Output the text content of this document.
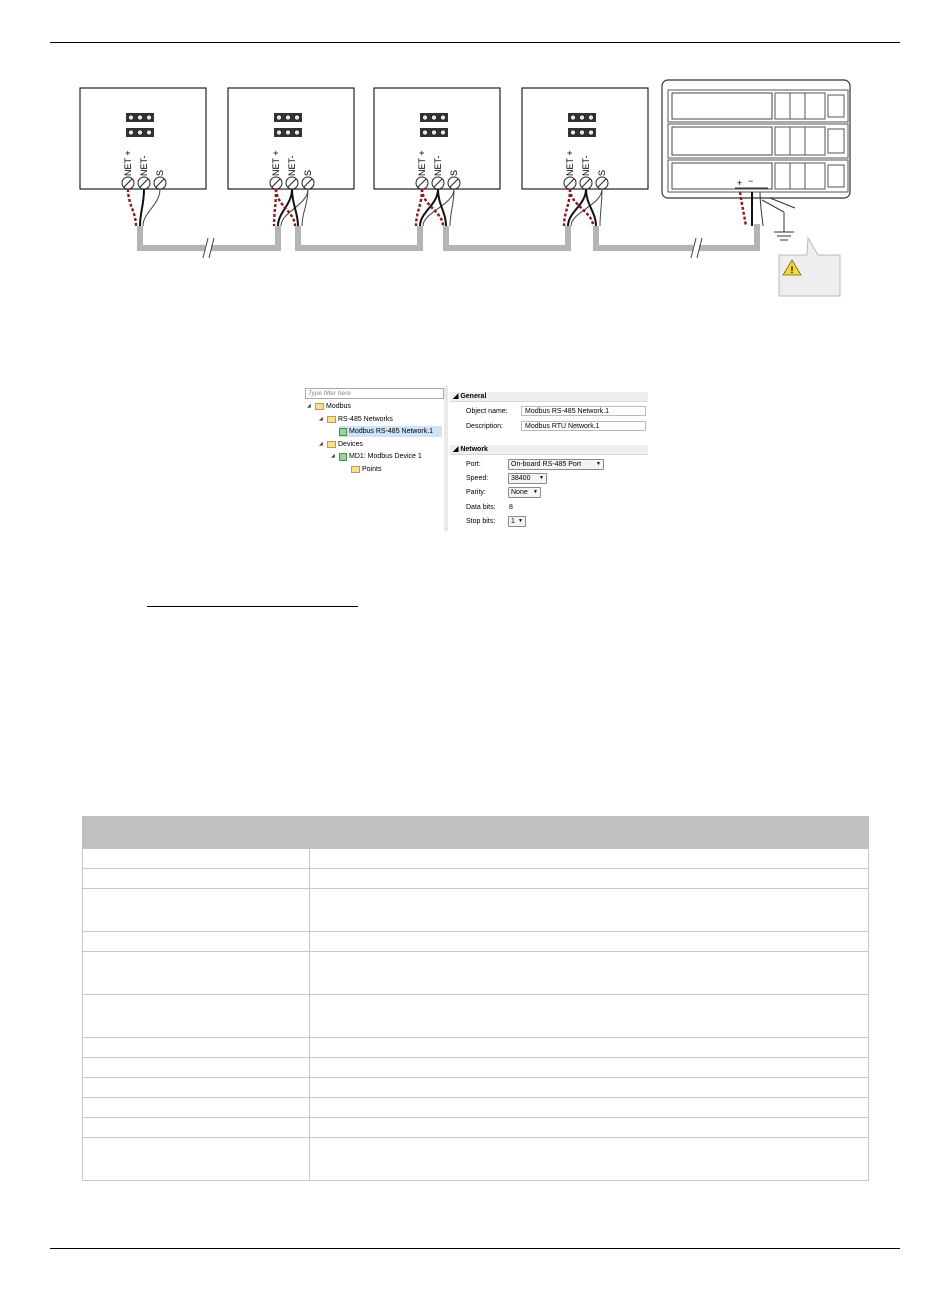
NET + NET- S	NET + NET- S	NET + NET- S	NET + NET- S
−
+
!
Type filter here
◢	Modbus
◢	RS-485 Networks
Modbus RS-485 Network.1
◢	Devices
◢	MD1: Modbus Device 1
Points
◢ General
Object name:	Modbus RS-485 Network.1
Description:	Modbus RTU Network.1
◢ Network
Port:	On-board RS-485 Port	▼
Speed:	38400 ▼
Parity:	None ▼
Data bits: 8
Stop bits:	1 ▼
